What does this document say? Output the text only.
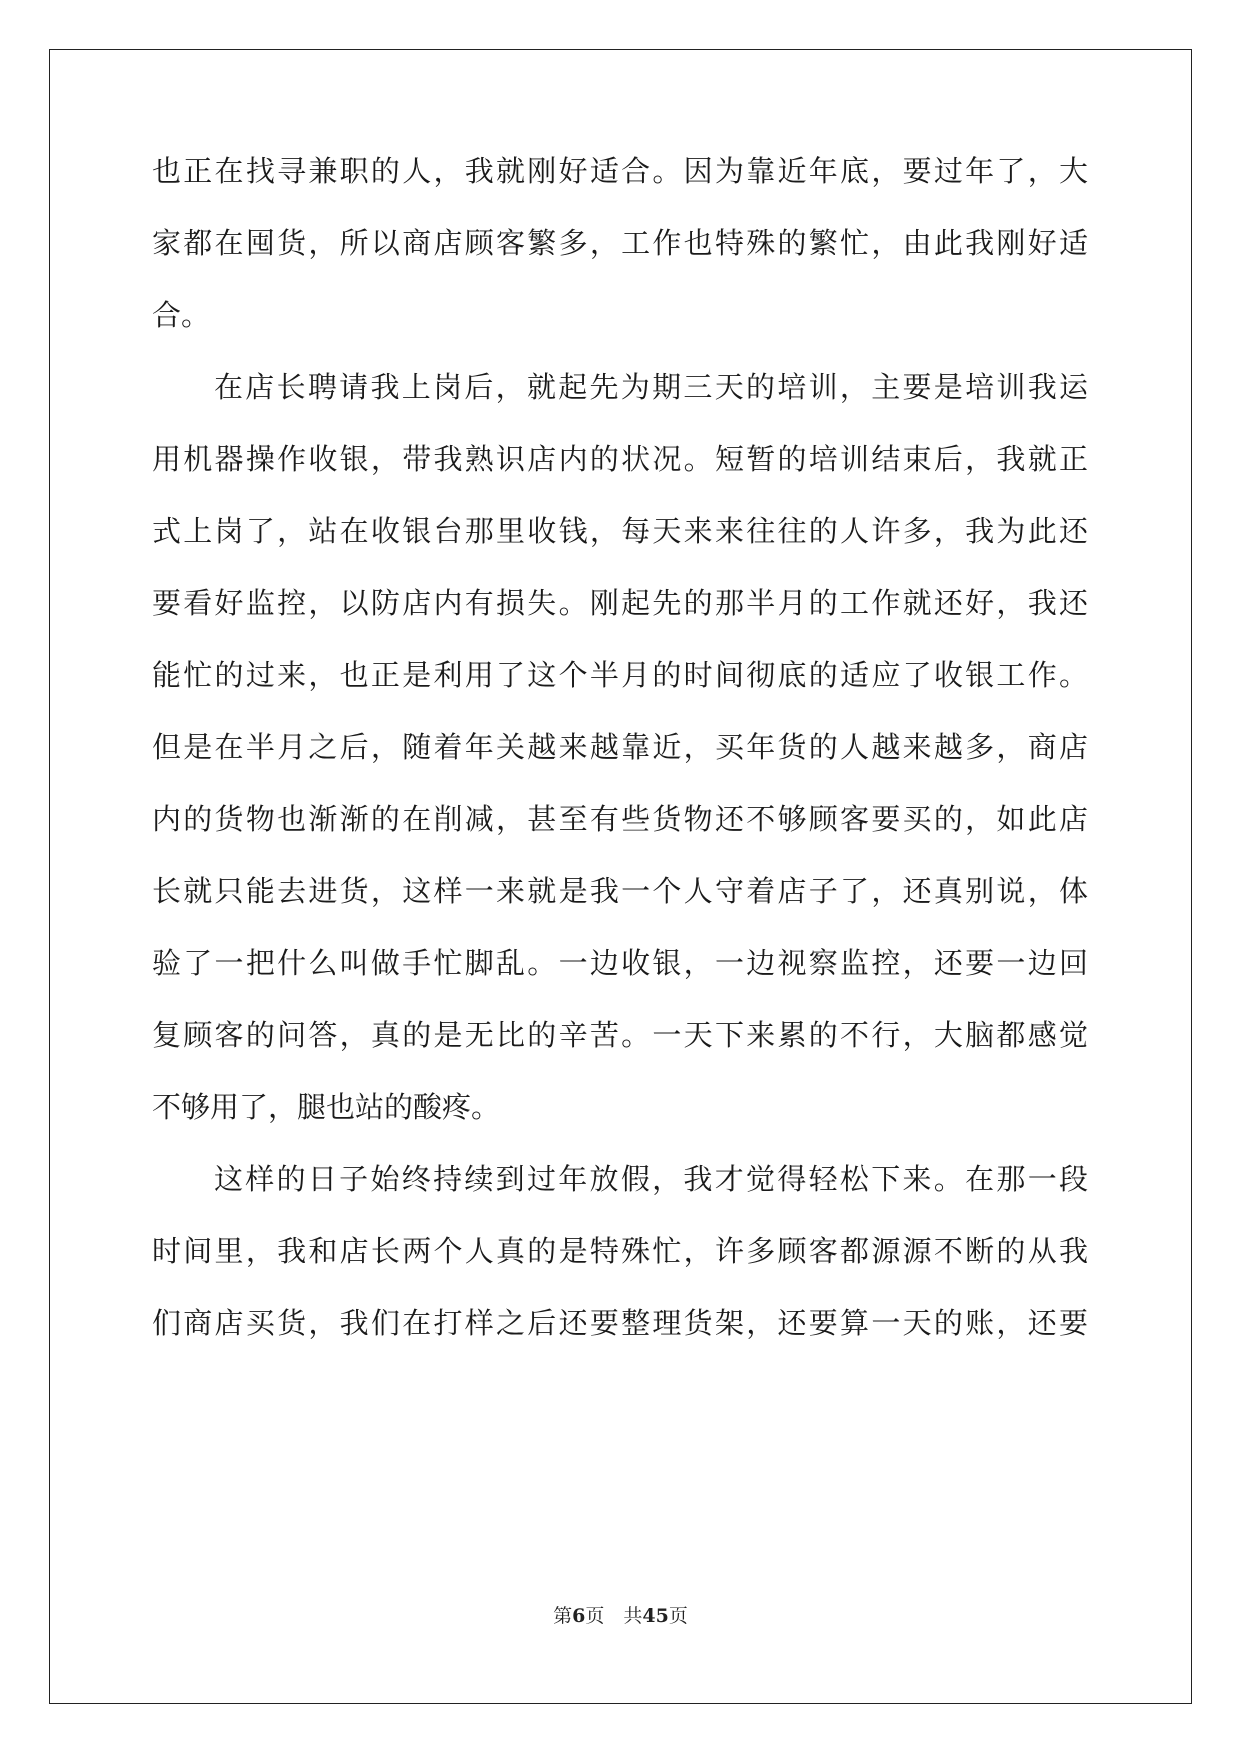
也正在找寻兼职的人，我就刚好适合。因为靠近年底，要过年了，大
家都在囤货，所以商店顾客繁多，工作也特殊的繁忙，由此我刚好适
合。
在店长聘请我上岗后，就起先为期三天的培训，主要是培训我运
用机器操作收银，带我熟识店内的状况。短暂的培训结束后，我就正
式上岗了，站在收银台那里收钱，每天来来往往的人许多，我为此还
要看好监控，以防店内有损失。刚起先的那半月的工作就还好，我还
能忙的过来，也正是利用了这个半月的时间彻底的适应了收银工作。
但是在半月之后，随着年关越来越靠近，买年货的人越来越多，商店
内的货物也渐渐的在削减，甚至有些货物还不够顾客要买的，如此店
长就只能去进货，这样一来就是我一个人守着店子了，还真别说，体
验了一把什么叫做手忙脚乱。一边收银，一边视察监控，还要一边回
复顾客的问答，真的是无比的辛苦。一天下来累的不行，大脑都感觉
不够用了，腿也站的酸疼。
这样的日子始终持续到过年放假，我才觉得轻松下来。在那一段
时间里，我和店长两个人真的是特殊忙，许多顾客都源源不断的从我
们商店买货，我们在打样之后还要整理货架，还要算一天的账，还要
第6页　共45页
